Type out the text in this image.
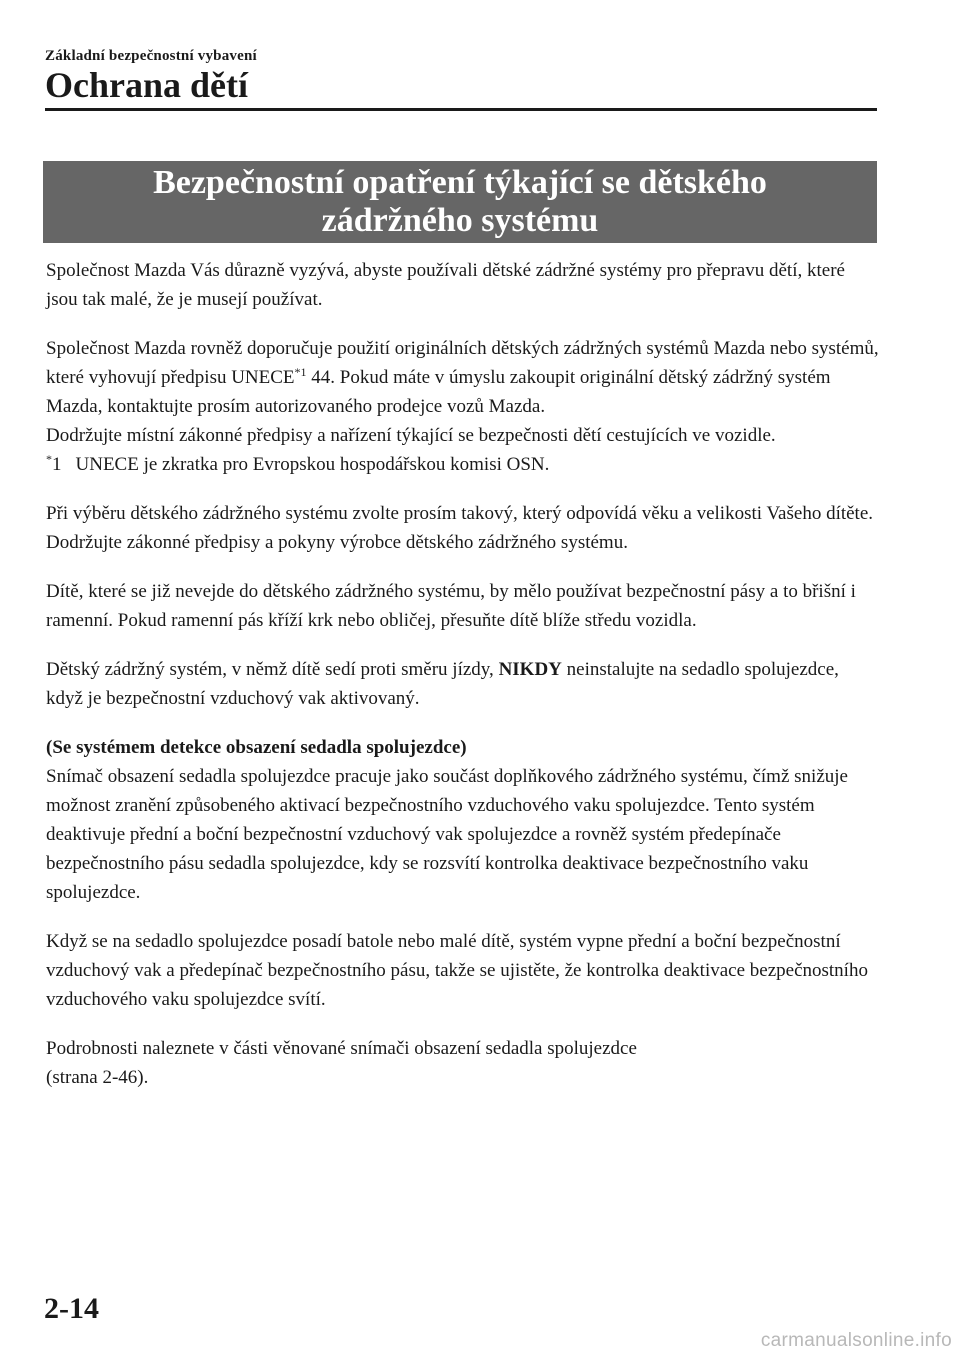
Základní bezpečnostní vybavení
Ochrana dětí
Bezpečnostní opatření týkající se dětského
zádržného systému

Společnost Mazda Vás důrazně vyzývá, abyste používali dětské zádržné systémy pro přepravu dětí, které jsou tak malé, že je musejí používat.

Společnost Mazda rovněž doporučuje použití originálních dětských zádržných systémů Mazda nebo systémů, které vyhovují předpisu UNECE$^{*1}$ 44. Pokud máte v úmyslu zakoupit originální dětský zádržný systém Mazda, kontaktujte prosím autorizovaného prodejce vozů Mazda.

Dodržujte místní zákonné předpisy a nařízení týkající se bezpečnosti dětí cestujících ve vozidle.

*1 UNECE je zkratka pro Evropskou hospodářskou komisi OSN.

Při výběru dětského zádržného systému zvolte prosím takový, který odpovídá věku a velikosti Vašeho dítěte. Dodržujte zákonné předpisy a pokyny výrobce dětského zádržného systému.

Dítě, které se již nevejde do dětského zádržného systému, by mělo používat bezpečnostní pásy a to břišní i ramenní. Pokud ramenní pás kříží krk nebo obličej, přesuňte dítě blíže středu vozidla.

Dětský zádržný systém, v němž dítě sedí proti směru jízdy, NIKDY neinstalujte na sedadlo spolujezdce, když je bezpečnostní vzduchový vak aktivovaný.

(Se systémem detekce obsazení sedadla spolujezdce)
Snímač obsazení sedadla spolujezdce pracuje jako součást doplňkového zádržného systému, čímž snižuje možnost zranění způsobeného aktivací bezpečnostního vzduchového vaku spolujezdce. Tento systém deaktivuje přední a boční bezpečnostní vzduchový vak spolujezdce a rovněž systém předepínače bezpečnostního pásu sedadla spolujezdce, kdy se rozsvítí kontrolka deaktivace bezpečnostního vaku spolujezdce.

Když se na sedadlo spolujezdce posadí batole nebo malé dítě, systém vypne přední a boční bezpečnostní vzduchový vak a předepínač bezpečnostního pásu, takže se ujistěte, že kontrolka deaktivace bezpečnostního vzduchového vaku spolujezdce svítí.

Podrobnosti naleznete v části věnované snímači obsazení sedadla spolujezdce
(strana 2-46).

2-14
carmanualsonline.info
